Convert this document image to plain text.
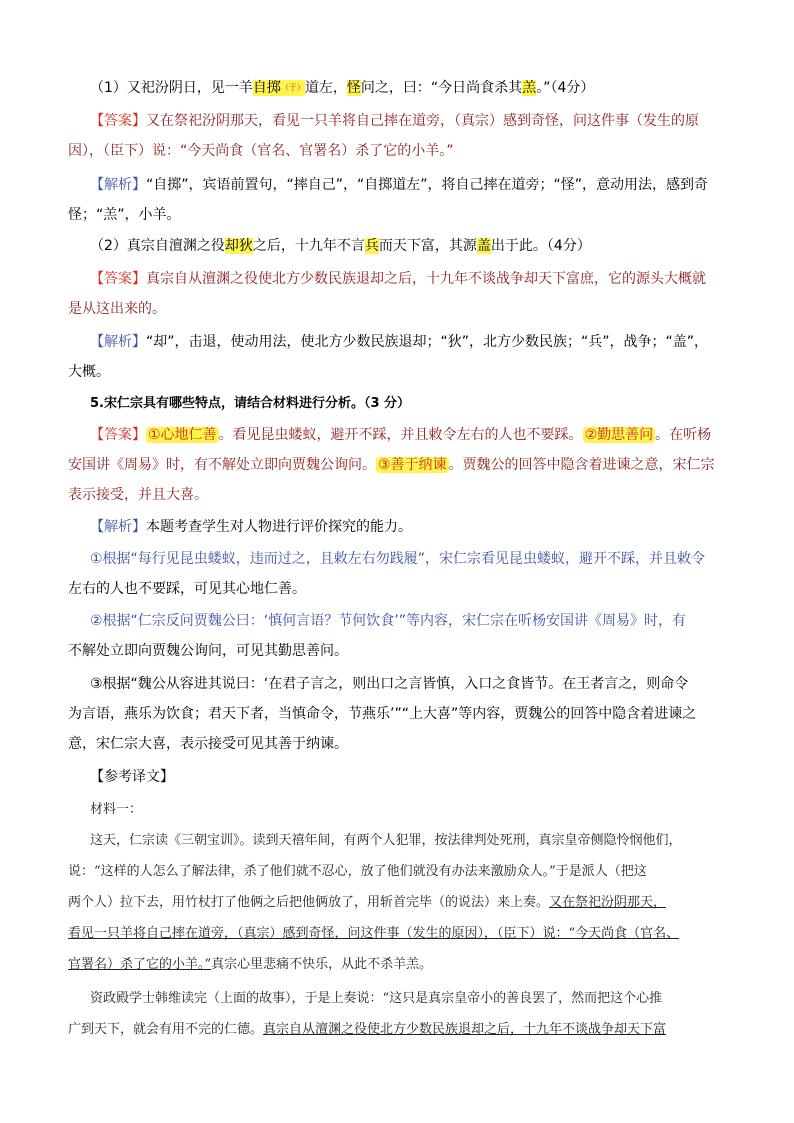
（1）又祀汾阴日，见一羊自掷（于）道左，怪问之，曰：“今日尚食杀其羔。”（4分）
【答案】又在祭祀汾阴那天，看见一只羊将自己摔在道旁，（真宗）感到奇怪，问这件事（发生的原
因），（臣下）说：“今天尚食（官名、官署名）杀了它的小羊。”
【解析】“自掷”，宾语前置句，“摔自己”，“自掷道左”，将自己摔在道旁；“怪”，意动用法，感到奇
怪；“羔”，小羊。
（2）真宗自澶渊之役却狄之后，十九年不言兵而天下富，其源盖出于此。（4分）
【答案】真宗自从澶渊之役使北方少数民族退却之后，十九年不谈战争却天下富庶，它的源头大概就
是从这出来的。
【解析】“却”，击退，使动用法，使北方少数民族退却；“狄”，北方少数民族；“兵”，战争；“盖”，
大概。
5.宋仁宗具有哪些特点，请结合材料进行分析。（3 分）
【答案】 ①心地仁善 。看见昆虫蝼蚁，避开不踩，并且敕令左右的人也不要踩。 ②勤思善问 。在听杨
安国讲《周易》时，有不解处立即向贾魏公询问。 ③善于纳谏 。贾魏公的回答中隐含着进谏之意，宋仁宗
表示接受，并且大喜。
【解析】本题考查学生对人物进行评价探究的能力。
①根据“每行见昆虫蝼蚁，违而过之，且敕左右勿践履”，宋仁宗看见昆虫蝼蚁，避开不踩，并且敕令
左右的人也不要踩，可见其心地仁善。
②根据“仁宗反问贾魏公曰：‘慎何言语？节何饮食’”等内容，宋仁宗在听杨安国讲《周易》时，有
不解处立即向贾魏公询问，可见其勤思善问。
③根据“魏公从容进其说曰：‘在君子言之，则出口之言皆慎，入口之食皆节。在王者言之，则命令
为言语，燕乐为饮食；君天下者，当慎命令，节燕乐’”“上大喜”等内容，贾魏公的回答中隐含着进谏之
意，宋仁宗大喜，表示接受可见其善于纳谏。
【参考译文】
材料一：
这天，仁宗读《三朝宝训》。读到天禧年间，有两个人犯罪，按法律判处死刑，真宗皇帝侧隐怜悯他们，
说：“这样的人怎么了解法律，杀了他们就不忍心，放了他们就没有办法来激励众人。”于是派人（把这
两个人）拉下去，用竹杖打了他俩之后把他俩放了，用斩首完毕（的说法）来上奏。又在祭祀汾阴那天，
看见一只羊将自己摔在道旁，（真宗）感到奇怪，问这件事（发生的原因），（臣下）说：“今天尚食（官名、
官署名）杀了它的小羊。”真宗心里悲痛不快乐，从此不杀羊羔。
资政殿学士韩维读完（上面的故事），于是上奏说：“这只是真宗皇帝小的善良罢了，然而把这个心推
广到天下，就会有用不完的仁德。真宗自从澶渊之役使北方少数民族退却之后，十九年不谈战争却天下富
